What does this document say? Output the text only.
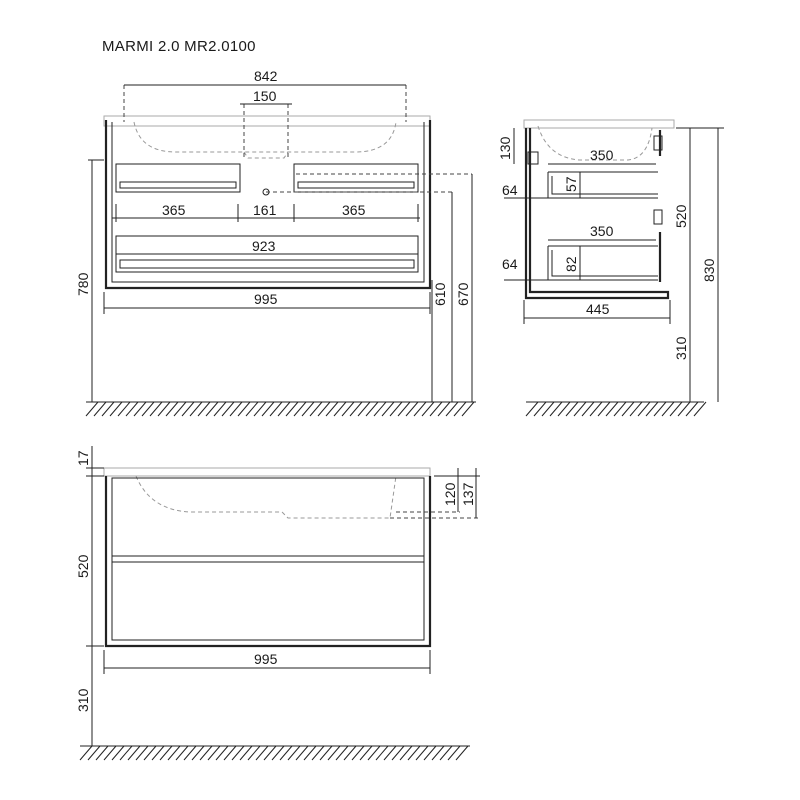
MARMI 2.0 MR2.0100
842
150
365	161	365
923
995
780	610 670
130	350
57
64
350
82
64
445
520
830
310
17
520
120 137
995
310
